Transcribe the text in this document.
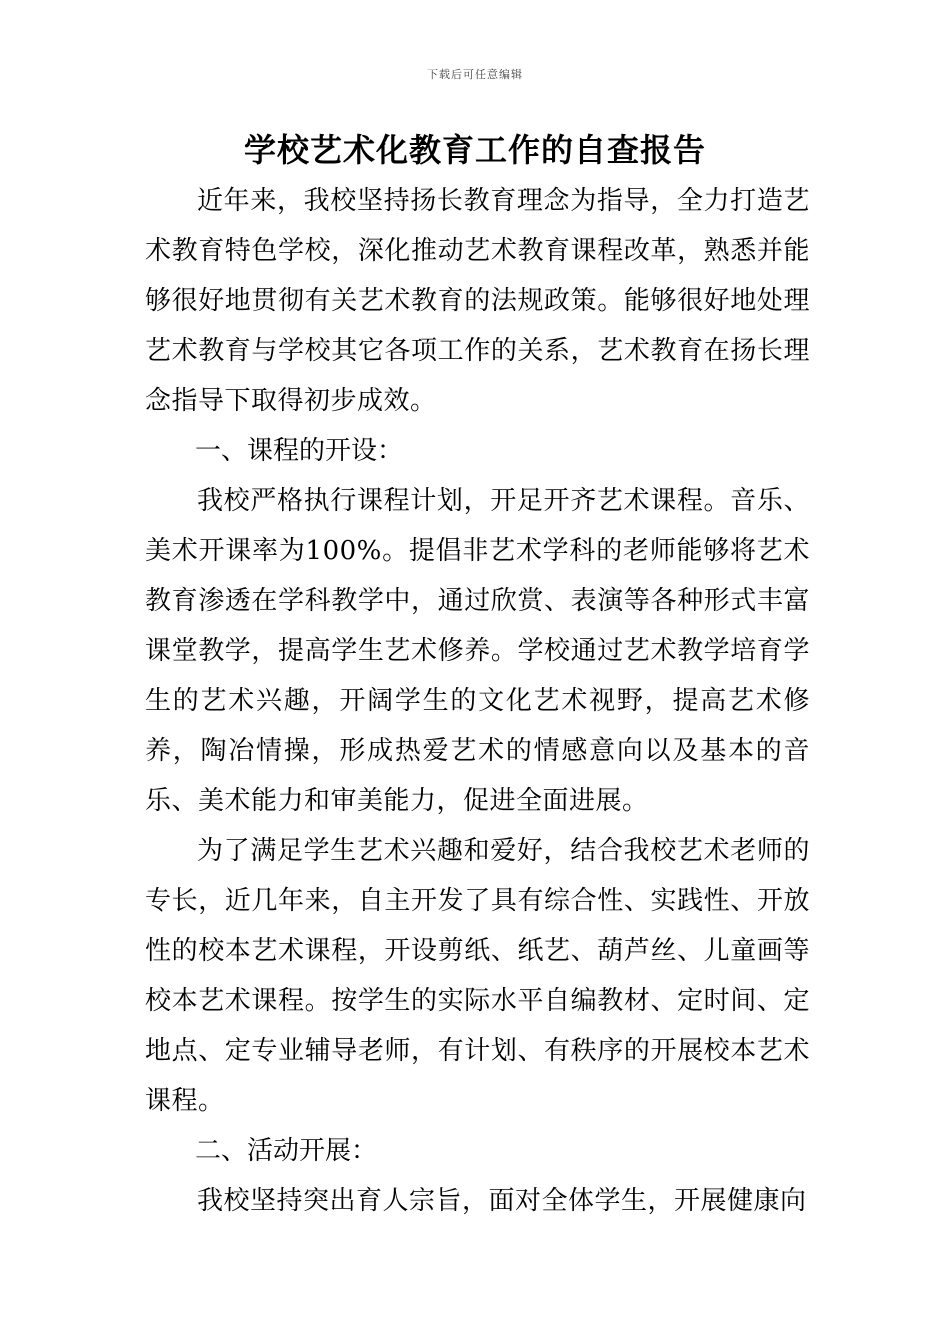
下载后可任意编辑
学校艺术化教育工作的自查报告

近年来，我校坚持扬长教育理念为指导，全力打造艺术教育特色学校，深化推动艺术教育课程改革，熟悉并能够很好地贯彻有关艺术教育的法规政策。能够很好地处理艺术教育与学校其它各项工作的关系，艺术教育在扬长理念指导下取得初步成效。

一、课程的开设：

我校严格执行课程计划，开足开齐艺术课程。音乐、美术开课率为100%。提倡非艺术学科的老师能够将艺术教育渗透在学科教学中，通过欣赏、表演等各种形式丰富课堂教学，提高学生艺术修养。学校通过艺术教学培育学生的艺术兴趣，开阔学生的文化艺术视野，提高艺术修养，陶冶情操，形成热爱艺术的情感意向以及基本的音乐、美术能力和审美能力，促进全面进展。

为了满足学生艺术兴趣和爱好，结合我校艺术老师的专长，近几年来，自主开发了具有综合性、实践性、开放性的校本艺术课程，开设剪纸、纸艺、葫芦丝、儿童画等校本艺术课程。按学生的实际水平自编教材、定时间、定地点、定专业辅导老师，有计划、有秩序的开展校本艺术课程。

二、活动开展：

我校坚持突出育人宗旨，面对全体学生，开展健康向
